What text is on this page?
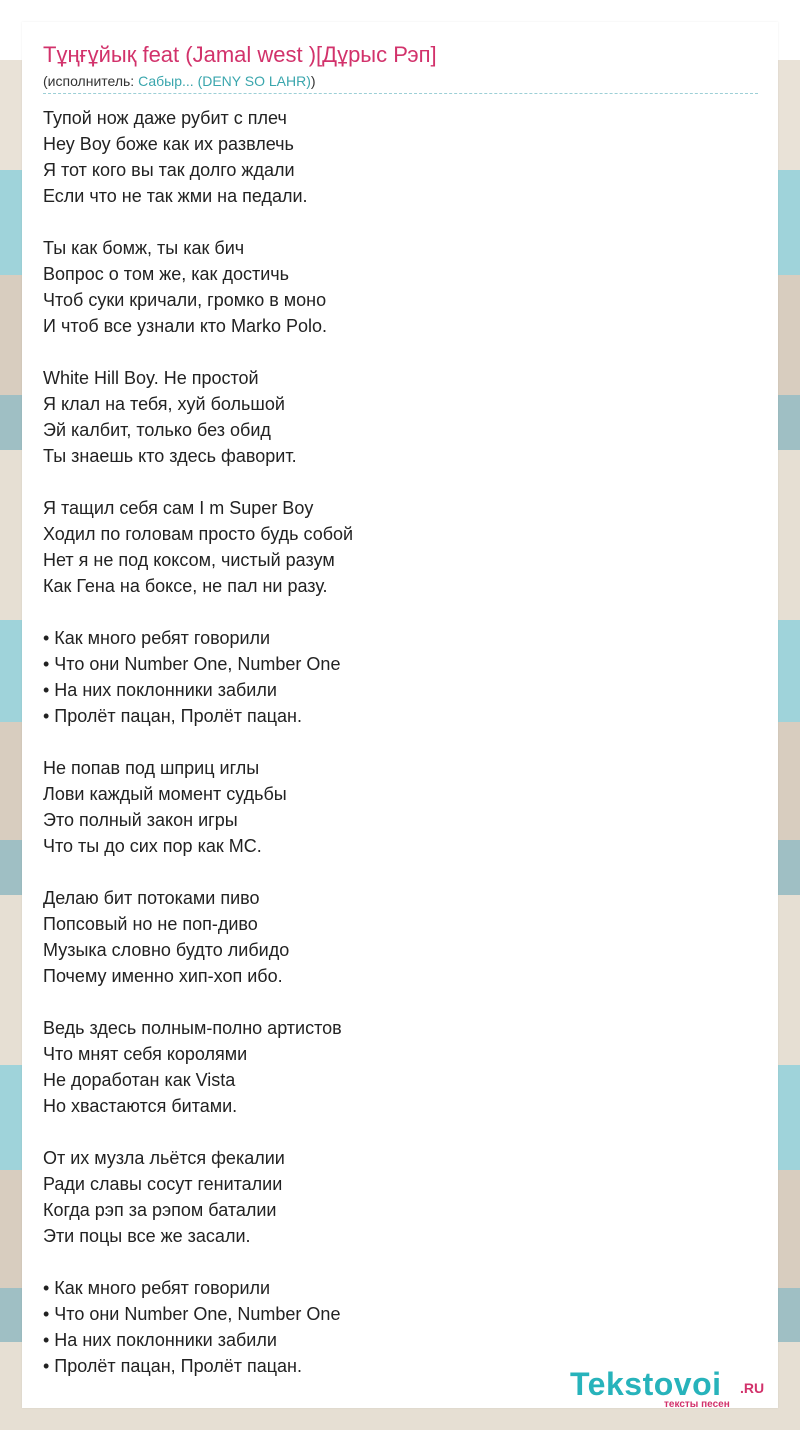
Тұңғұйық feat (Jamal west )[Дұрыс Рэп]
(исполнитель: Сабыр... (DENY SO LAHR))
Тупой нож даже рубит с плеч
Неу Воу боже как их развлечь
Я тот кого вы так долго ждали
Если что не так жми на педали.
Ты как бомж, ты как бич
Вопрос о том же, как достичь
Чтоб суки кричали, громко в моно
И чтоб все узнали кто Marko Polo.
White Hill Boy. Не простой
Я клал на тебя, хуй большой
Эй калбит, только без обид
Ты знаешь кто здесь фаворит.
Я тащил себя сам I m Super Boy
Ходил по головам просто будь собой
Нет я не под коксом, чистый разум
Как Гена на боксе, не пал ни разу.
• Как много ребят говорили
• Что они Number One, Number One
• На них поклонники забили
• Пролёт пацан, Пролёт пацан.
Не попав под шприц иглы
Лови каждый момент судьбы
Это полный закон игры
Что ты до сих пор как МС.
Делаю бит потоками пиво
Попсовый но не поп-диво
Музыка словно будто либидо
Почему именно хип-хоп ибо.
Ведь здесь полным-полно артистов
Что мнят себя королями
Не доработан как Vista
Но хвастаются битами.
От их музла льётся фекалии
Ради славы сосут гениталии
Когда рэп за рэпом баталии
Эти поцы все же засали.
• Как много ребят говорили
• Что они Number One, Number One
• На них поклонники забили
• Пролёт пацан, Пролёт пацан.	Tekstovoi .RU
тексты песен
